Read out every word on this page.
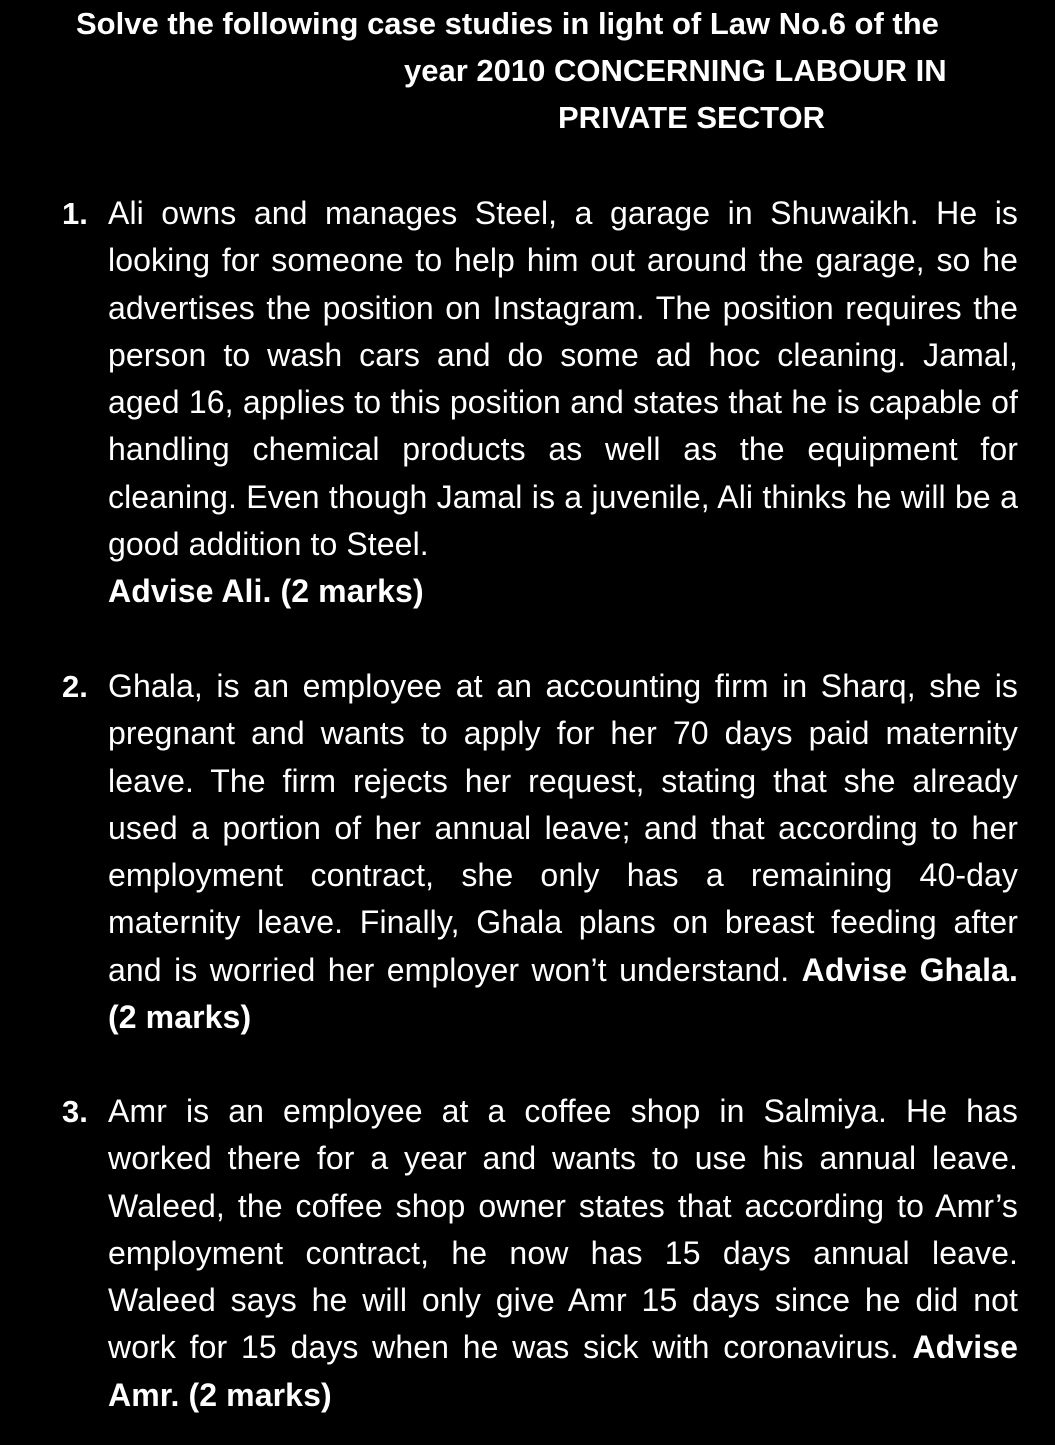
Solve the following case studies in light of Law No.6 of the
year 2010 CONCERNING LABOUR IN
PRIVATE SECTOR
1. Ali owns and manages Steel, a garage in Shuwaikh. He is looking for someone to help him out around the garage, so he advertises the position on Instagram. The position requires the person to wash cars and do some ad hoc cleaning. Jamal, aged 16, applies to this position and states that he is capable of handling chemical products as well as the equipment for cleaning. Even though Jamal is a juvenile, Ali thinks he will be a good addition to Steel.
Advise Ali. (2 marks)
2. Ghala, is an employee at an accounting firm in Sharq, she is pregnant and wants to apply for her 70 days paid maternity leave. The firm rejects her request, stating that she already used a portion of her annual leave; and that according to her employment contract, she only has a remaining 40-day maternity leave. Finally, Ghala plans on breast feeding after and is worried her employer won’t understand. Advise Ghala. (2 marks)
3. Amr is an employee at a coffee shop in Salmiya. He has worked there for a year and wants to use his annual leave. Waleed, the coffee shop owner states that according to Amr’s employment contract, he now has 15 days annual leave. Waleed says he will only give Amr 15 days since he did not work for 15 days when he was sick with coronavirus. Advise Amr. (2 marks)
